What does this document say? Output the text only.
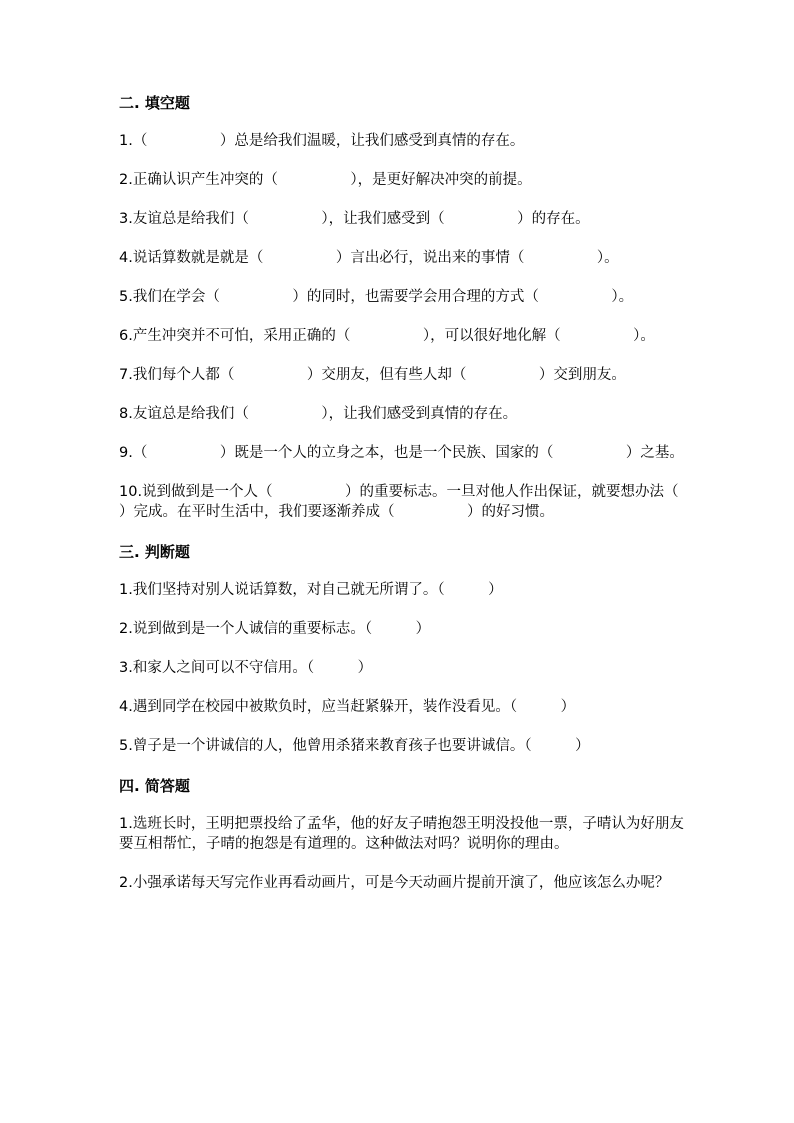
二. 填空题
1.（　　　　　）总是给我们温暖，让我们感受到真情的存在。
2.正确认识产生冲突的（　　　　　），是更好解决冲突的前提。
3.友谊总是给我们（　　　　　），让我们感受到（　　　　　）的存在。
4.说话算数就是就是（　　　　　）言出必行，说出来的事情（　　　　　）。
5.我们在学会（　　　　　）的同时，也需要学会用合理的方式（　　　　　）。
6.产生冲突并不可怕，采用正确的（　　　　　），可以很好地化解（　　　　　）。
7.我们每个人都（　　　　　）交朋友，但有些人却（　　　　　）交到朋友。
8.友谊总是给我们（　　　　　），让我们感受到真情的存在。
9.（　　　　　）既是一个人的立身之本，也是一个民族、国家的（　　　　　）之基。
10.说到做到是一个人（　　　　　）的重要标志。一旦对他人作出保证，就要想办法（　　　　　）完成。在平时生活中，我们要逐渐养成（　　　　　）的好习惯。
三. 判断题
1.我们坚持对别人说话算数，对自己就无所谓了。（　　　）
2.说到做到是一个人诚信的重要标志。（　　　）
3.和家人之间可以不守信用。（　　　）
4.遇到同学在校园中被欺负时，应当赶紧躲开，装作没看见。（　　　）
5.曾子是一个讲诚信的人，他曾用杀猪来教育孩子也要讲诚信。（　　　）
四. 简答题
1.选班长时，王明把票投给了孟华，他的好友子晴抱怨王明没投他一票，子晴认为好朋友要互相帮忙，子晴的抱怨是有道理的。这种做法对吗？说明你的理由。
2.小强承诺每天写完作业再看动画片，可是今天动画片提前开演了，他应该怎么办呢？
